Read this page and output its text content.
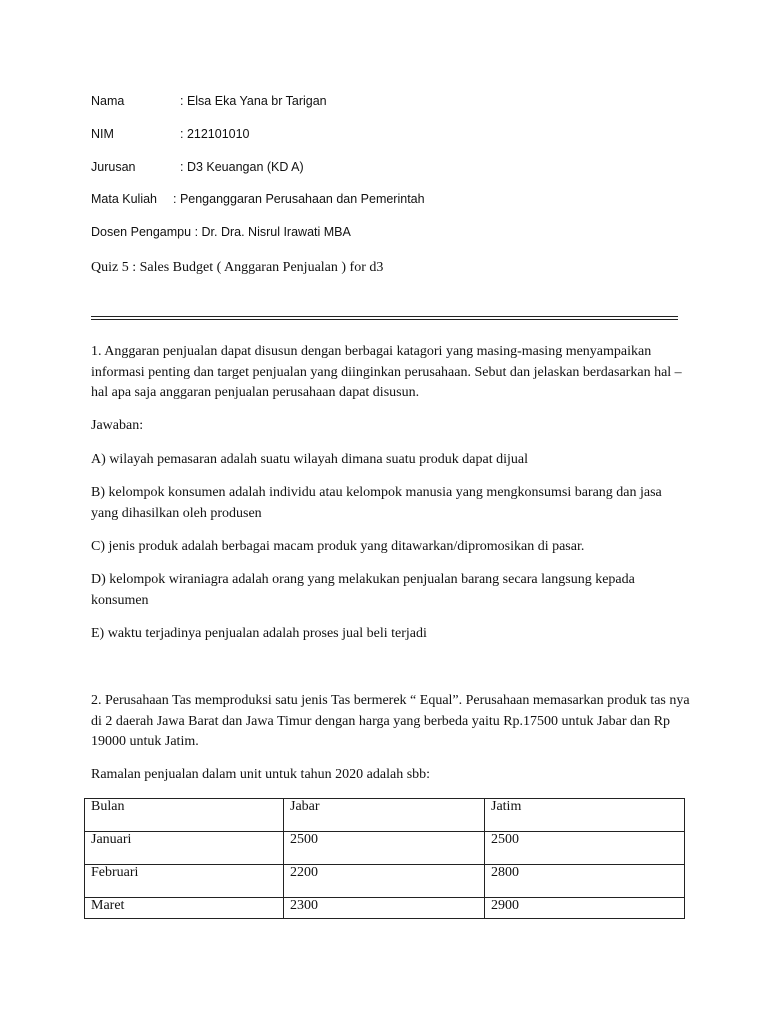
Nama	: Elsa Eka Yana br Tarigan
NIM	: 212101010
Jurusan	: D3 Keuangan (KD A)
Mata Kuliah : Penganggaran Perusahaan dan Pemerintah
Dosen Pengampu : Dr. Dra. Nisrul Irawati MBA
Quiz 5 : Sales Budget ( Anggaran Penjualan ) for d3
1. Anggaran penjualan dapat disusun dengan berbagai katagori yang masing-masing menyampaikan informasi penting dan target penjualan yang diinginkan perusahaan. Sebut dan jelaskan berdasarkan hal –hal apa saja anggaran penjualan perusahaan dapat disusun.
Jawaban:
A) wilayah pemasaran adalah suatu wilayah dimana suatu produk dapat dijual
B) kelompok konsumen adalah individu atau kelompok manusia yang mengkonsumsi barang dan jasa yang dihasilkan oleh produsen
C) jenis produk adalah berbagai macam produk yang ditawarkan/dipromosikan di pasar.
D) kelompok wiraniagra adalah orang yang melakukan penjualan barang secara langsung kepada konsumen
E) waktu terjadinya penjualan adalah proses jual beli terjadi
2. Perusahaan Tas memproduksi satu jenis Tas bermerek “ Equal”. Perusahaan memasarkan produk tas nya di 2 daerah Jawa Barat dan Jawa Timur dengan harga yang berbeda yaitu Rp.17500 untuk Jabar dan Rp 19000 untuk Jatim.
Ramalan penjualan dalam unit untuk tahun 2020 adalah sbb:
Bulan	Jabar	Jatim
Januari	2500	2500
Februari	2200	2800
Maret	2300	2900
